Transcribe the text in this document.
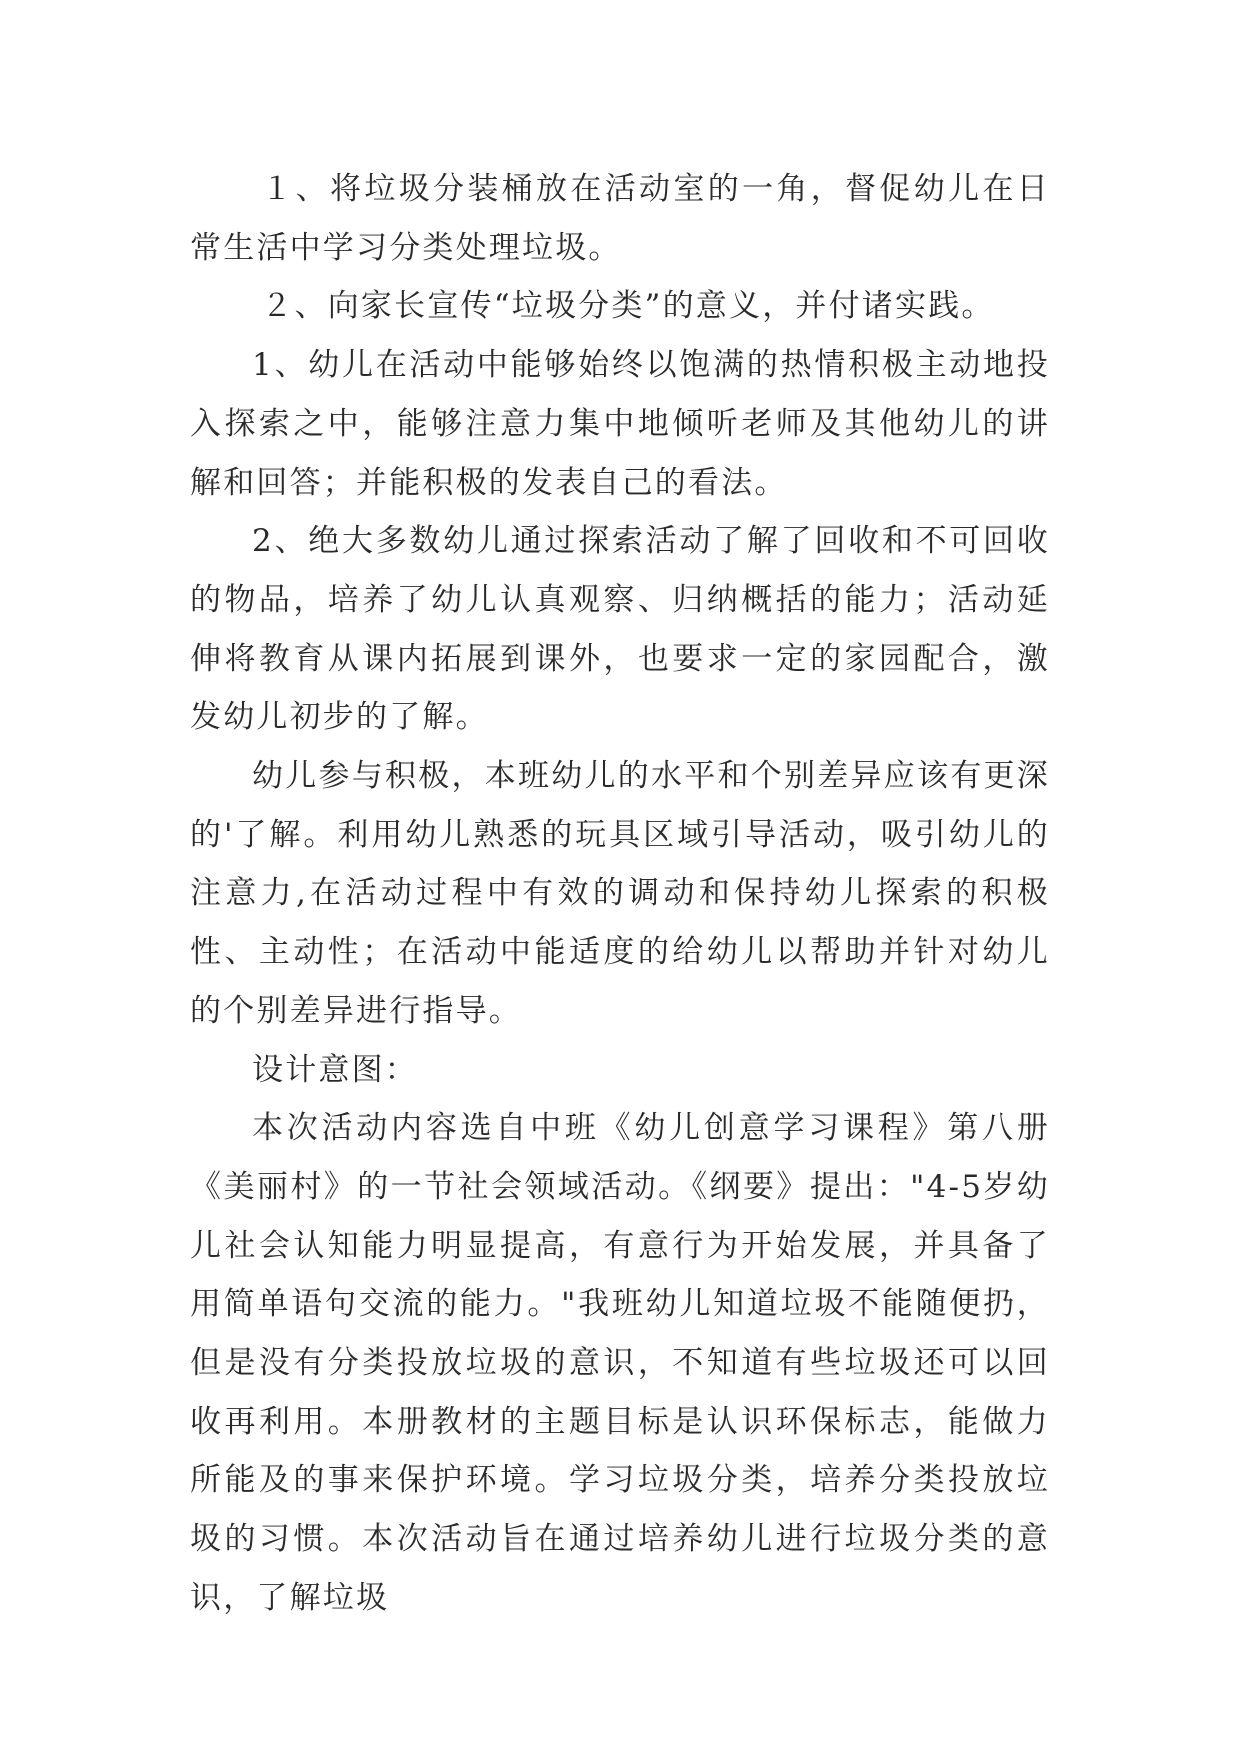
１、将垃圾分装桶放在活动室的一角，督促幼儿在日常生活中学习分类处理垃圾。

２、向家长宣传“垃圾分类”的意义，并付诸实践。

1、幼儿在活动中能够始终以饱满的热情积极主动地投入探索之中，能够注意力集中地倾听老师及其他幼儿的讲解和回答；并能积极的发表自己的看法。

2、绝大多数幼儿通过探索活动了解了回收和不可回收的物品，培养了幼儿认真观察、归纳概括的能力；活动延伸将教育从课内拓展到课外，也要求一定的家园配合，激发幼儿初步的了解。

幼儿参与积极，本班幼儿的水平和个别差异应该有更深的'了解。利用幼儿熟悉的玩具区域引导活动，吸引幼儿的注意力,在活动过程中有效的调动和保持幼儿探索的积极性、主动性；在活动中能适度的给幼儿以帮助并针对幼儿的个别差异进行指导。

设计意图：

本次活动内容选自中班《幼儿创意学习课程》第八册《美丽村》的一节社会领域活动。《纲要》提出："4-5岁幼儿社会认知能力明显提高，有意行为开始发展，并具备了用简单语句交流的能力。"我班幼儿知道垃圾不能随便扔，但是没有分类投放垃圾的意识，不知道有些垃圾还可以回收再利用。本册教材的主题目标是认识环保标志，能做力所能及的事来保护环境。学习垃圾分类，培养分类投放垃圾的习惯。本次活动旨在通过培养幼儿进行垃圾分类的意识，了解垃圾
